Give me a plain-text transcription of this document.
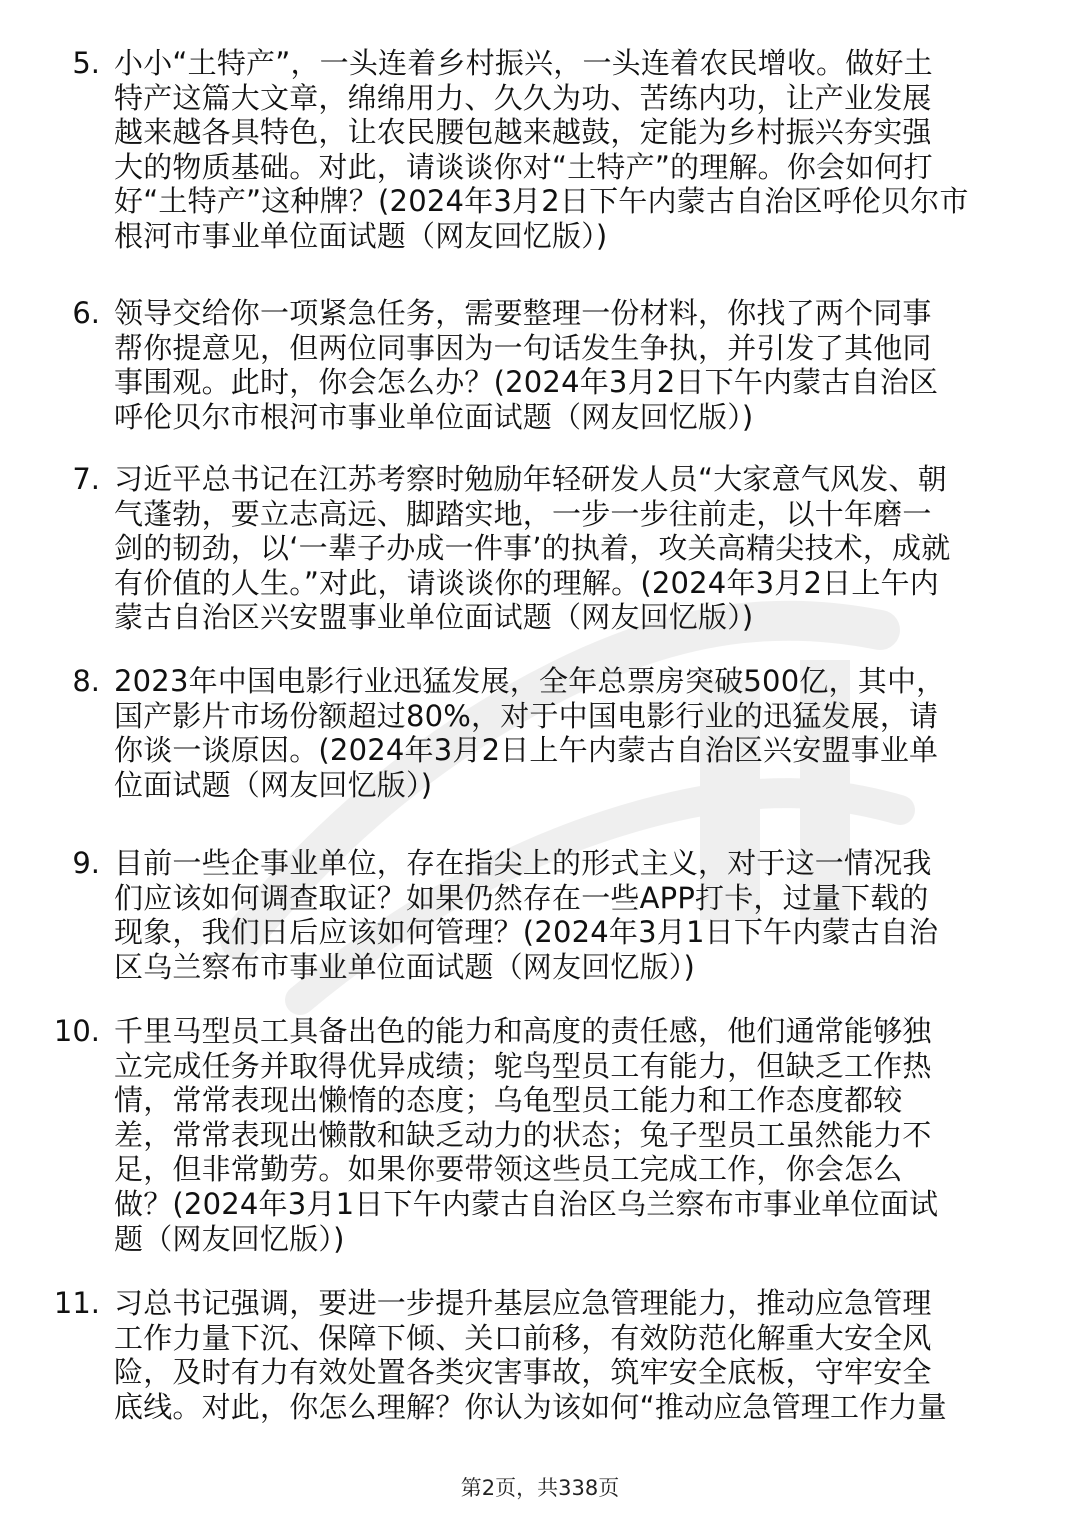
5. 小小“土特产”，一头连着乡村振兴，一头连着农民增收。做好土
特产这篇大文章，绵绵用力、久久为功、苦练内功，让产业发展
越来越各具特色，让农民腰包越来越鼓，定能为乡村振兴夯实强
大的物质基础。对此，请谈谈你对“土特产”的理解。你会如何打
好“土特产”这种牌？(2024年3月2日下午内蒙古自治区呼伦贝尔市
根河市事业单位面试题（网友回忆版）)
6. 领导交给你一项紧急任务，需要整理一份材料，你找了两个同事
帮你提意见，但两位同事因为一句话发生争执，并引发了其他同
事围观。此时，你会怎么办？(2024年3月2日下午内蒙古自治区
呼伦贝尔市根河市事业单位面试题（网友回忆版）)
7. 习近平总书记在江苏考察时勉励年轻研发人员“大家意气风发、朝
气蓬勃，要立志高远、脚踏实地，一步一步往前走，以十年磨一
剑的韧劲，以‘一辈子办成一件事’的执着，攻关高精尖技术，成就
有价值的人生。”对此，请谈谈你的理解。(2024年3月2日上午内
蒙古自治区兴安盟事业单位面试题（网友回忆版）)
8. 2023年中国电影行业迅猛发展，全年总票房突破500亿，其中，
国产影片市场份额超过80%，对于中国电影行业的迅猛发展，请
你谈一谈原因。(2024年3月2日上午内蒙古自治区兴安盟事业单
位面试题（网友回忆版）)
9. 目前一些企事业单位，存在指尖上的形式主义，对于这一情况我
们应该如何调查取证？如果仍然存在一些APP打卡，过量下载的
现象，我们日后应该如何管理？(2024年3月1日下午内蒙古自治
区乌兰察布市事业单位面试题（网友回忆版）)
10. 千里马型员工具备出色的能力和高度的责任感，他们通常能够独
立完成任务并取得优异成绩；鸵鸟型员工有能力，但缺乏工作热
情，常常表现出懒惰的态度；乌龟型员工能力和工作态度都较
差，常常表现出懒散和缺乏动力的状态；兔子型员工虽然能力不
足，但非常勤劳。如果你要带领这些员工完成工作，你会怎么
做？(2024年3月1日下午内蒙古自治区乌兰察布市事业单位面试
题（网友回忆版）)
11. 习总书记强调，要进一步提升基层应急管理能力，推动应急管理
工作力量下沉、保障下倾、关口前移，有效防范化解重大安全风
险，及时有力有效处置各类灾害事故，筑牢安全底板，守牢安全
底线。对此，你怎么理解？你认为该如何“推动应急管理工作力量
第2页，共338页
